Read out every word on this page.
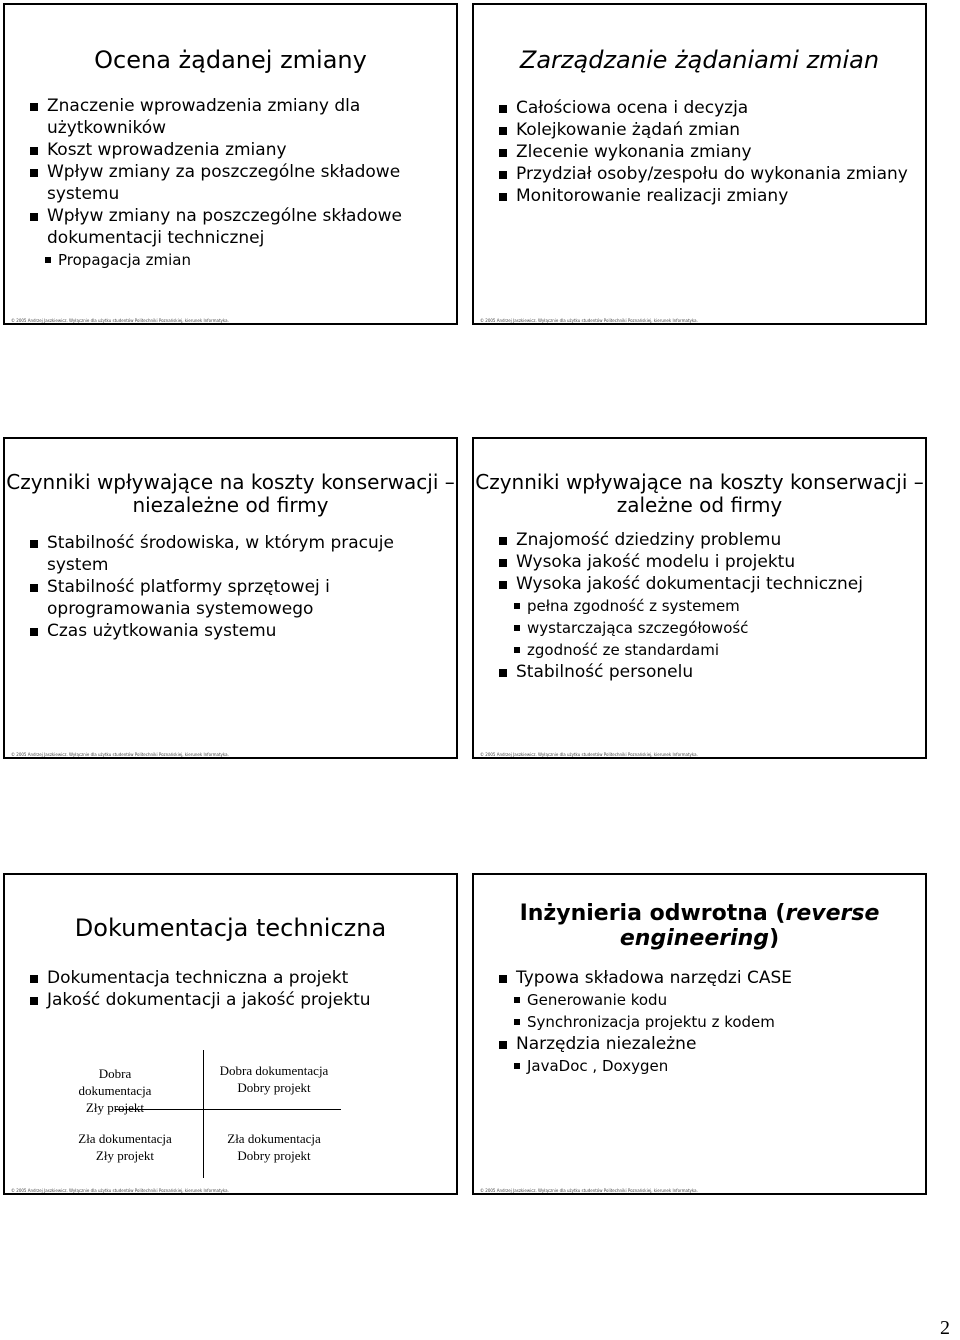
Ocena żądanej zmiany
Znaczenie wprowadzenia zmiany dla użytkowników
Koszt wprowadzenia zmiany
Wpływ zmiany za poszczególne składowe systemu
Wpływ zmiany na poszczególne składowe dokumentacji technicznej
Propagacja zmian
© 2005 Andrzej Jaszkiewicz. Wyłącznie dla użytku studentów Politechniki Poznańskiej, kierunek Informatyka.
Zarządzanie żądaniami zmian
Całościowa ocena i decyzja
Kolejkowanie żądań zmian
Zlecenie wykonania zmiany
Przydział osoby/zespołu do wykonania zmiany
Monitorowanie realizacji zmiany
© 2005 Andrzej Jaszkiewicz. Wyłącznie dla użytku studentów Politechniki Poznańskiej, kierunek Informatyka.
Czynniki wpływające na koszty konserwacji – niezależne od firmy
Stabilność środowiska, w którym pracuje system
Stabilność platformy sprzętowej i oprogramowania systemowego
Czas użytkowania systemu
© 2005 Andrzej Jaszkiewicz. Wyłącznie dla użytku studentów Politechniki Poznańskiej, kierunek Informatyka.
Czynniki wpływające na koszty konserwacji – zależne od firmy
Znajomość dziedziny problemu
Wysoka jakość modelu i projektu
Wysoka jakość dokumentacji technicznej
pełna zgodność z systemem
wystarczająca szczegółowość
zgodność ze standardami
Stabilność personelu
© 2005 Andrzej Jaszkiewicz. Wyłącznie dla użytku studentów Politechniki Poznańskiej, kierunek Informatyka.
Dokumentacja techniczna
Dokumentacja techniczna a projekt
Jakość dokumentacji a jakość projektu
Dobra dokumentacja
Zły projekt
Dobra dokumentacja
Dobry projekt
Zła dokumentacja
Zły projekt
Zła dokumentacja
Dobry projekt
© 2005 Andrzej Jaszkiewicz. Wyłącznie dla użytku studentów Politechniki Poznańskiej, kierunek Informatyka.
Inżynieria odwrotna (reverse engineering)
Typowa składowa narzędzi CASE
Generowanie kodu
Synchronizacja projektu z kodem
Narzędzia niezależne
JavaDoc , Doxygen
© 2005 Andrzej Jaszkiewicz. Wyłącznie dla użytku studentów Politechniki Poznańskiej, kierunek Informatyka.
2
